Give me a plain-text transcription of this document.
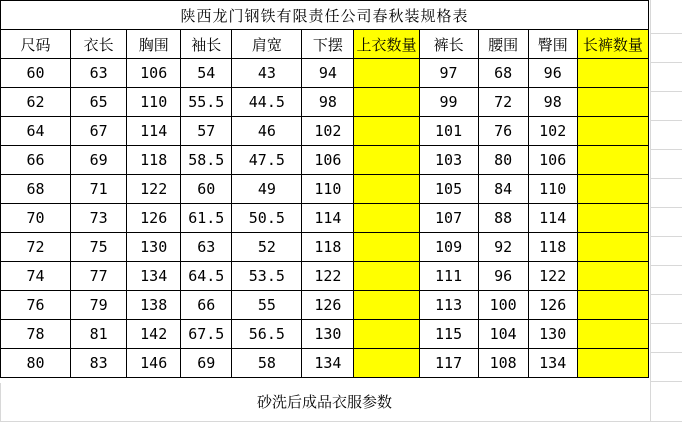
陕西龙门钢铁有限责任公司春秋装规格表										
尺码	衣长	胸围	袖长	肩宽	下摆	上衣数量	裤长	腰围	臀围	长裤数量
60	63	106	54	43	94		97	68	96	
62	65	110	55.5	44.5	98		99	72	98	
64	67	114	57	46	102		101	76	102	
66	69	118	58.5	47.5	106		103	80	106	
68	71	122	60	49	110		105	84	110	
70	73	126	61.5	50.5	114		107	88	114	
72	75	130	63	52	118		109	92	118	
74	77	134	64.5	53.5	122		111	96	122	
76	79	138	66	55	126		113	100	126	
78	81	142	67.5	56.5	130		115	104	130	
80	83	146	69	58	134		117	108	134	
砂洗后成品衣服参数
